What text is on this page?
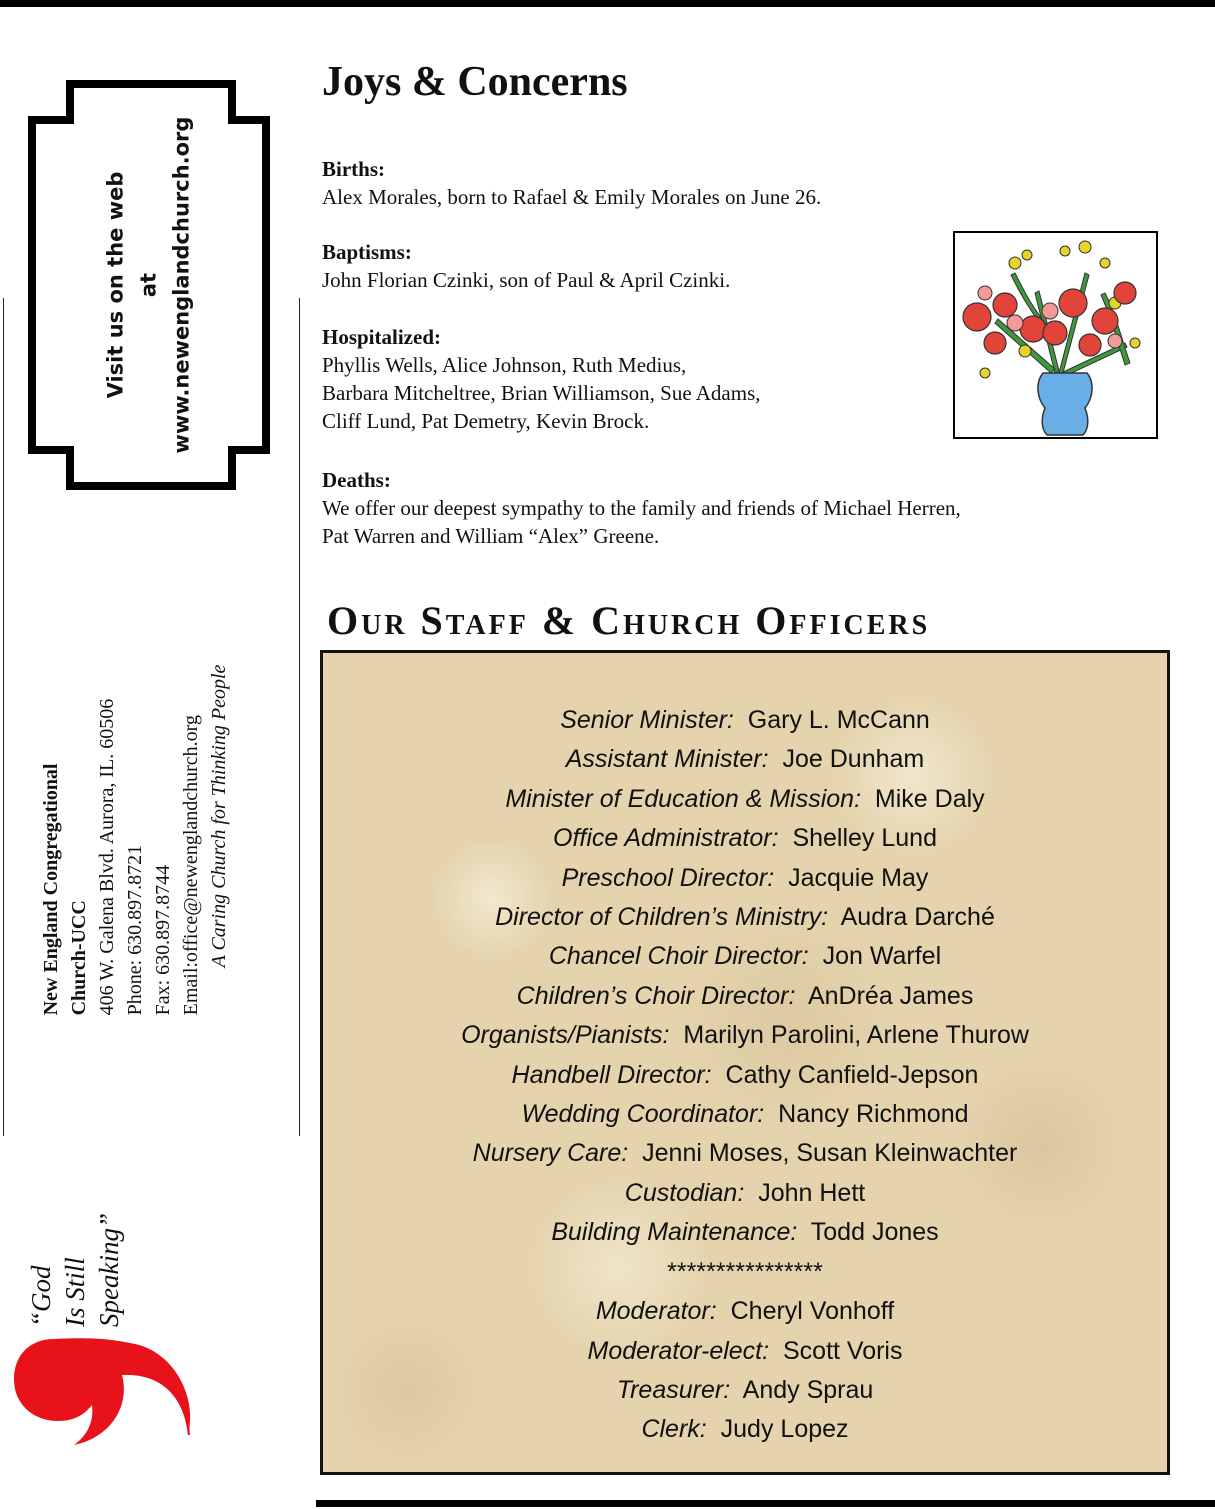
Visit us on the web at www.newenglandchurch.org
New England Congregational Church-UCC 406 W. Galena Blvd. Aurora, IL. 60506 Phone: 630.897.8721 Fax: 630.897.8744 Email:office@newenglandchurch.org A Caring Church for Thinking People
“God Is Still Speaking”
Joys & Concerns
Births:
Alex Morales, born to Rafael & Emily Morales on June 26.
Baptisms:
John Florian Czinki, son of Paul & April Czinki.
Hospitalized:
Phyllis Wells, Alice Johnson, Ruth Medius,
Barbara Mitcheltree, Brian Williamson, Sue Adams,
Cliff Lund, Pat Demetry, Kevin Brock.
Deaths:
We offer our deepest sympathy to the family and friends of Michael Herren,
Pat Warren and William “Alex” Greene.
Our Staff & Church Officers
Senior Minister: Gary L. McCann
Assistant Minister: Joe Dunham
Minister of Education & Mission: Mike Daly
Office Administrator: Shelley Lund
Preschool Director: Jacquie May
Director of Children’s Ministry: Audra Darché
Chancel Choir Director: Jon Warfel
Children’s Choir Director: AnDréa James
Organists/Pianists: Marilyn Parolini, Arlene Thurow
Handbell Director: Cathy Canfield-Jepson
Wedding Coordinator: Nancy Richmond
Nursery Care: Jenni Moses, Susan Kleinwachter
Custodian: John Hett
Building Maintenance: Todd Jones
****************
Moderator: Cheryl Vonhoff
Moderator-elect: Scott Voris
Treasurer: Andy Sprau
Clerk: Judy Lopez
